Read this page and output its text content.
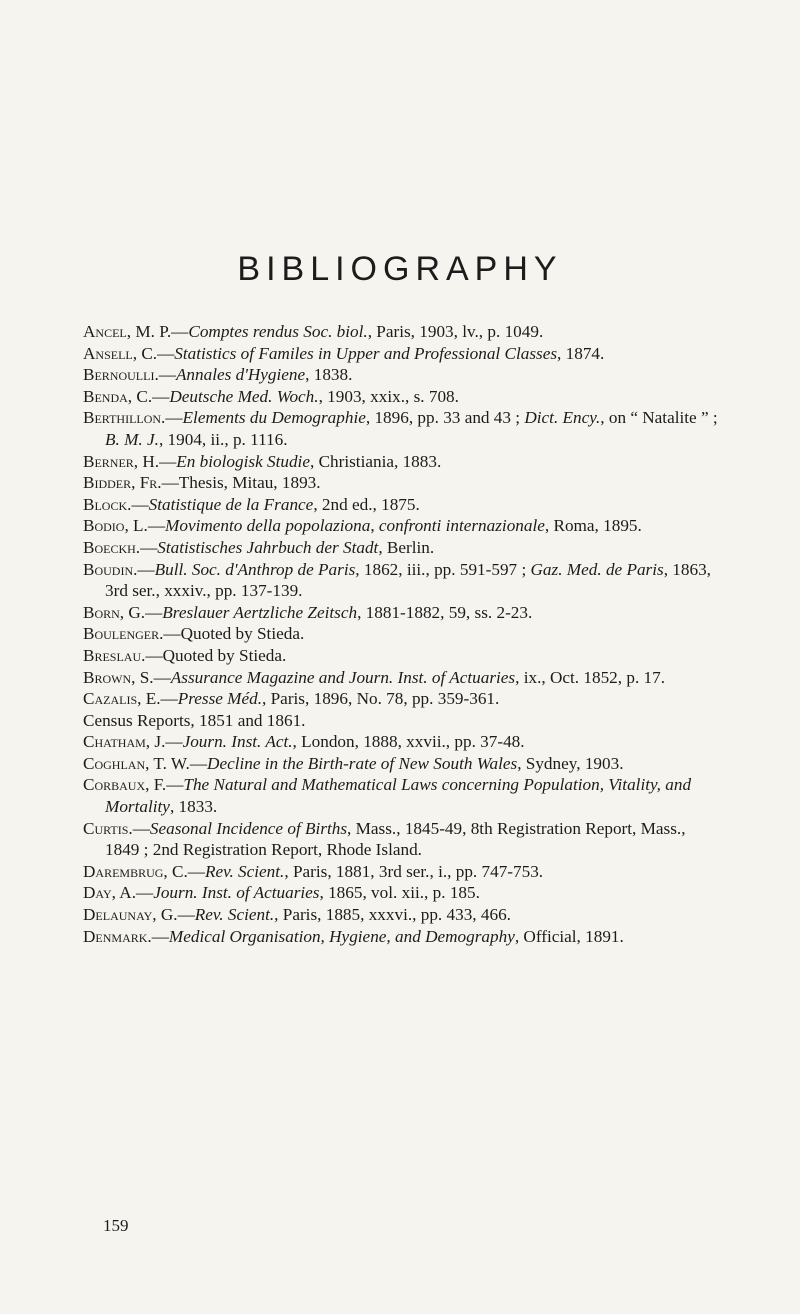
BIBLIOGRAPHY
Ancel, M. P.—Comptes rendus Soc. biol., Paris, 1903, lv., p. 1049.
Ansell, C.—Statistics of Familes in Upper and Professional Classes, 1874.
Bernoulli.—Annales d'Hygiene, 1838.
Benda, C.—Deutsche Med. Woch., 1903, xxix., s. 708.
Berthillon.—Elements du Demographie, 1896, pp. 33 and 43 ; Dict. Ency., on “ Natalite ” ; B. M. J., 1904, ii., p. 1116.
Berner, H.—En biologisk Studie, Christiania, 1883.
Bidder, Fr.—Thesis, Mitau, 1893.
Block.—Statistique de la France, 2nd ed., 1875.
Bodio, L.—Movimento della popolaziona, confronti internazionale, Roma, 1895.
Boeckh.—Statistisches Jahrbuch der Stadt, Berlin.
Boudin.—Bull. Soc. d'Anthrop de Paris, 1862, iii., pp. 591-597 ; Gaz. Med. de Paris, 1863, 3rd ser., xxxiv., pp. 137-139.
Born, G.—Breslauer Aertzliche Zeitsch, 1881-1882, 59, ss. 2-23.
Boulenger.—Quoted by Stieda.
Breslau.—Quoted by Stieda.
Brown, S.—Assurance Magazine and Journ. Inst. of Actuaries, ix., Oct. 1852, p. 17.
Cazalis, E.—Presse Méd., Paris, 1896, No. 78, pp. 359-361.
Census Reports, 1851 and 1861.
Chatham, J.—Journ. Inst. Act., London, 1888, xxvii., pp. 37-48.
Coghlan, T. W.—Decline in the Birth-rate of New South Wales, Sydney, 1903.
Corbaux, F.—The Natural and Mathematical Laws concerning Population, Vitality, and Mortality, 1833.
Curtis.—Seasonal Incidence of Births, Mass., 1845-49, 8th Registration Report, Mass., 1849 ; 2nd Registration Report, Rhode Island.
Darembrug, C.—Rev. Scient., Paris, 1881, 3rd ser., i., pp. 747-753.
Day, A.—Journ. Inst. of Actuaries, 1865, vol. xii., p. 185.
Delaunay, G.—Rev. Scient., Paris, 1885, xxxvi., pp. 433, 466.
Denmark.—Medical Organisation, Hygiene, and Demography, Official, 1891.

159
